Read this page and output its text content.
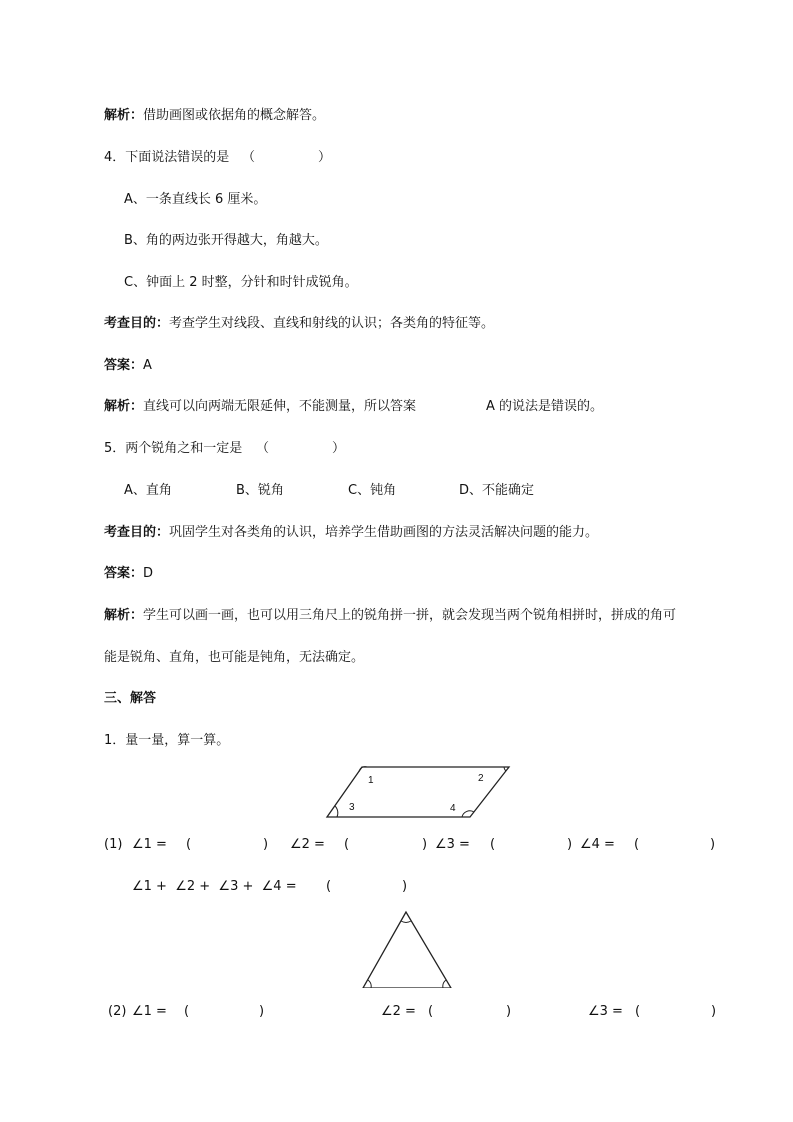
解析：借助画图或依据角的概念解答。
4．下面说法错误的是 （	）
A、一条直线长 6 厘米。
B、角的两边张开得越大，角越大。
C、钟面上 2 时整，分针和时针成锐角。
考查目的：考查学生对线段、直线和射线的认识；各类角的特征等。
答案：A
解析：直线可以向两端无限延伸，不能测量，所以答案	A 的说法是错误的。
5．两个锐角之和一定是 （	）
A、直角	B、锐角	C、钝角	D、不能确定
考查目的：巩固学生对各类角的认识，培养学生借助画图的方法灵活解决问题的能力。
答案：D
解析：学生可以画一画，也可以用三角尺上的锐角拼一拼，就会发现当两个锐角相拼时，拼成的角可
能是锐角、直角，也可能是钝角，无法确定。
三、解答
1．量一量，算一算。
1	2
3	4
(1) ∠1 = (	) ∠2 = (	) ∠3 = (	) ∠4 = (	)
∠1 +  ∠2 +  ∠3 +  ∠4 = (	)
(2) ∠1 = (	)	∠2 = (	)	∠3 = (	)
